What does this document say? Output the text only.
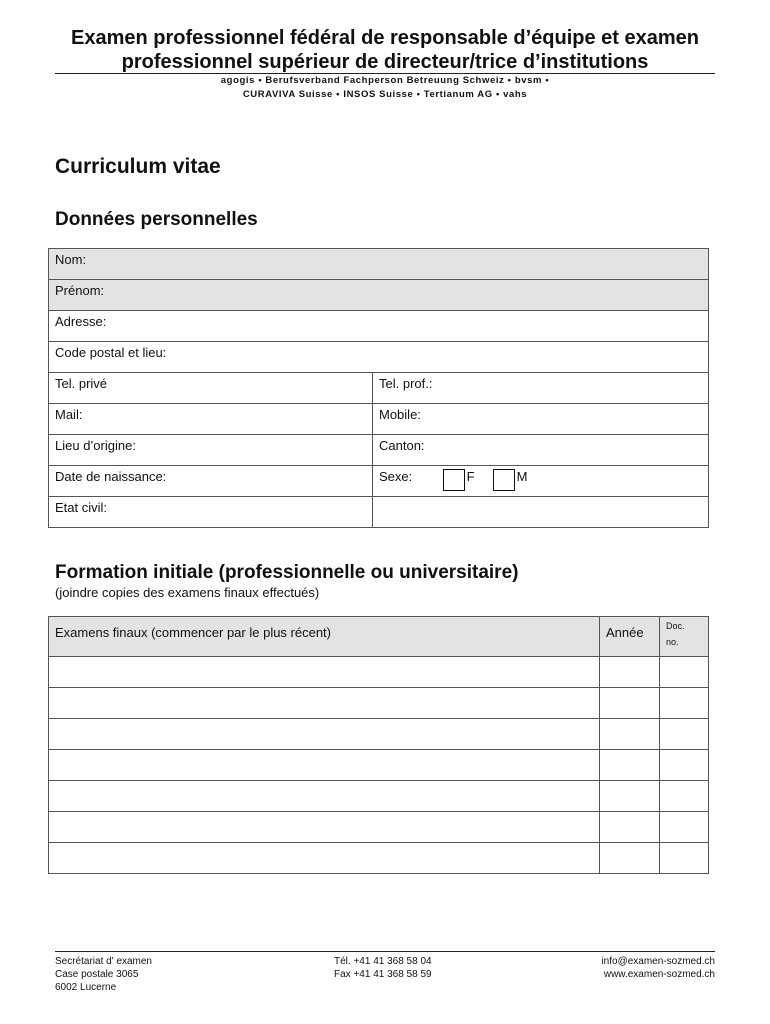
Examen professionnel fédéral de responsable d’équipe et examen
professionnel supérieur de directeur/trice d’institutions
agogis • Berufsverband Fachperson Betreuung Schweiz • bvsm •
CURAVIVA Suisse • INSOS Suisse • Tertianum AG • vahs
Curriculum vitae
Données personnelles
Nom:	
Prénom:	
Adresse:	
Code postal et lieu:	
Tel. privé	Tel. prof.:
Mail:	Mobile:
Lieu d’origine:	Canton:
Date de naissance:	Sexe: F M
Etat civil:	
Formation initiale (professionnelle ou universitaire)
(joindre copies des examens finaux effectués)
Examens finaux (commencer par le plus récent)	Année	Doc.
no.

Secrétariat d' examen
Case postale 3065
6002 Lucerne
Tél. +41 41 368 58 04
Fax +41 41 368 58 59
info@examen-sozmed.ch
www.examen-sozmed.ch
